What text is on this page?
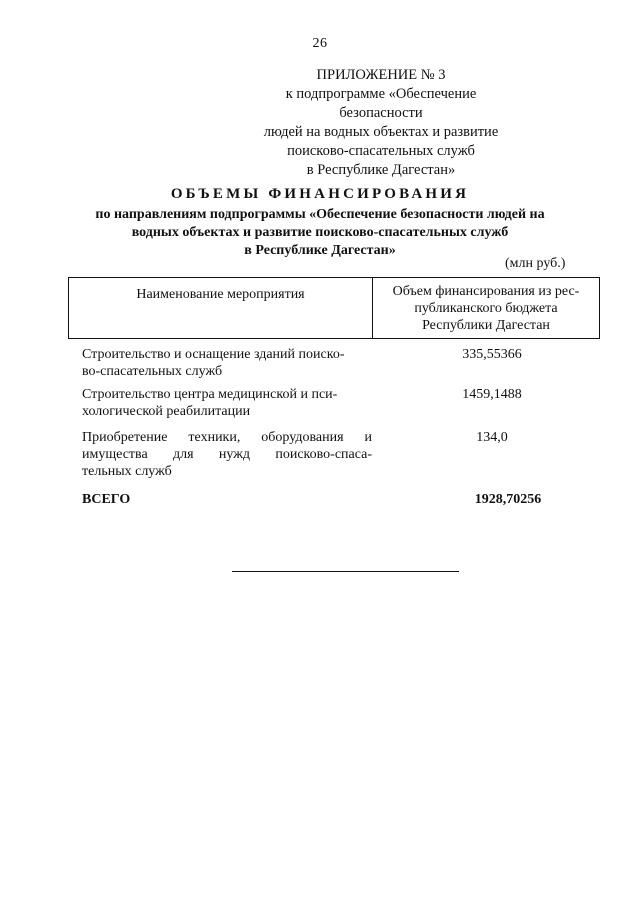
26
ПРИЛОЖЕНИЕ № 3
к подпрограмме «Обеспечение безопасности
людей на водных объектах и развитие
поисково-спасательных служб
в Республике Дагестан»
ОБЪЕМЫ ФИНАНСИРОВАНИЯ
по направлениям подпрограммы «Обеспечение безопасности людей на
водных объектах и развитие поисково-спасательных служб
в Республике Дагестан»
(млн руб.)
Наименование мероприятия	Объем финансирования из рес-
публиканского бюджета
Республики Дагестан
Строительство и оснащение зданий поиско-
во-спасательных служб
335,55366
Строительство центра медицинской и пси-
хологической реабилитации
1459,1488
Приобретение техники, оборудования и
имущества для нужд поисково-спаса-
тельных служб
134,0
ВСЕГО	1928,70256
